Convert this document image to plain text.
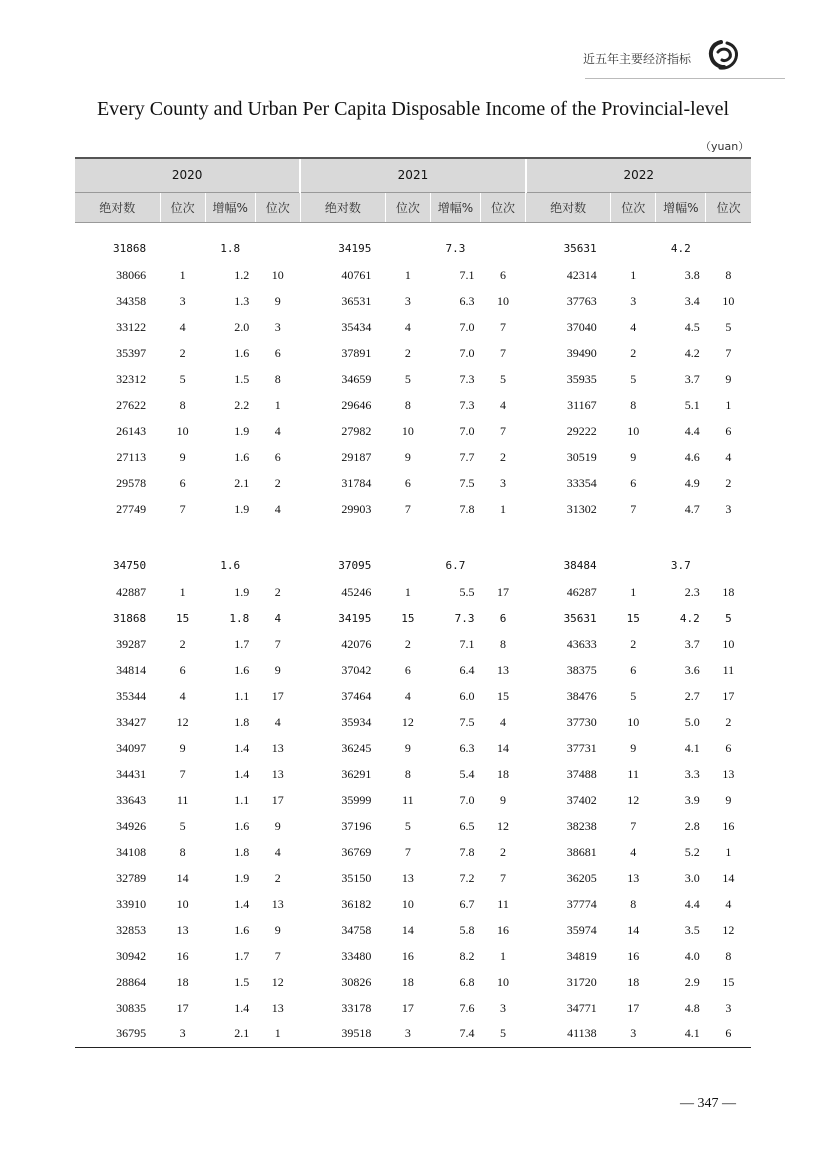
近五年主要经济指标
Every County and Urban Per Capita Disposable Income of the Provincial-level
（yuan）
2020				2021				2022			
绝对数	位次	增幅%	位次	绝对数	位次	增幅%	位次	绝对数	位次	增幅%	位次

31868		1.8		34195		7.3		35631		4.2	
38066	1	1.2	10	40761	1	7.1	6	42314	1	3.8	8
34358	3	1.3	9	36531	3	6.3	10	37763	3	3.4	10
33122	4	2.0	3	35434	4	7.0	7	37040	4	4.5	5
35397	2	1.6	6	37891	2	7.0	7	39490	2	4.2	7
32312	5	1.5	8	34659	5	7.3	5	35935	5	3.7	9
27622	8	2.2	1	29646	8	7.3	4	31167	8	5.1	1
26143	10	1.9	4	27982	10	7.0	7	29222	10	4.4	6
27113	9	1.6	6	29187	9	7.7	2	30519	9	4.6	4
29578	6	2.1	2	31784	6	7.5	3	33354	6	4.9	2
27749	7	1.9	4	29903	7	7.8	1	31302	7	4.7	3

34750		1.6		37095		6.7		38484		3.7	
42887	1	1.9	2	45246	1	5.5	17	46287	1	2.3	18
31868	15	1.8	4	34195	15	7.3	6	35631	15	4.2	5
39287	2	1.7	7	42076	2	7.1	8	43633	2	3.7	10
34814	6	1.6	9	37042	6	6.4	13	38375	6	3.6	11
35344	4	1.1	17	37464	4	6.0	15	38476	5	2.7	17
33427	12	1.8	4	35934	12	7.5	4	37730	10	5.0	2
34097	9	1.4	13	36245	9	6.3	14	37731	9	4.1	6
34431	7	1.4	13	36291	8	5.4	18	37488	11	3.3	13
33643	11	1.1	17	35999	11	7.0	9	37402	12	3.9	9
34926	5	1.6	9	37196	5	6.5	12	38238	7	2.8	16
34108	8	1.8	4	36769	7	7.8	2	38681	4	5.2	1
32789	14	1.9	2	35150	13	7.2	7	36205	13	3.0	14
33910	10	1.4	13	36182	10	6.7	11	37774	8	4.4	4
32853	13	1.6	9	34758	14	5.8	16	35974	14	3.5	12
30942	16	1.7	7	33480	16	8.2	1	34819	16	4.0	8
28864	18	1.5	12	30826	18	6.8	10	31720	18	2.9	15
30835	17	1.4	13	33178	17	7.6	3	34771	17	4.8	3
36795	3	2.1	1	39518	3	7.4	5	41138	3	4.1	6
— 347 —
